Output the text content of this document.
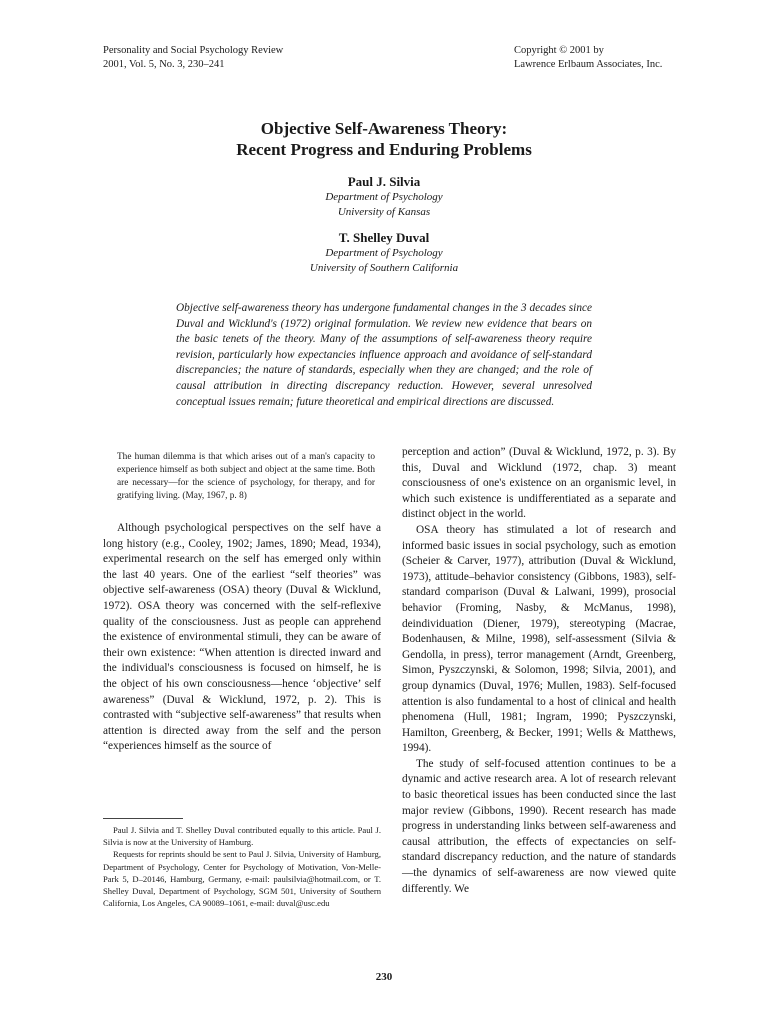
Personality and Social Psychology Review
2001, Vol. 5, No. 3, 230–241
Copyright © 2001 by
Lawrence Erlbaum Associates, Inc.
Objective Self-Awareness Theory:
Recent Progress and Enduring Problems
Paul J. Silvia
Department of Psychology
University of Kansas
T. Shelley Duval
Department of Psychology
University of Southern California
Objective self-awareness theory has undergone fundamental changes in the 3 decades since Duval and Wicklund's (1972) original formulation. We review new evidence that bears on the basic tenets of the theory. Many of the assumptions of self-awareness theory require revision, particularly how expectancies influence approach and avoidance of self-standard discrepancies; the nature of standards, especially when they are changed; and the role of causal attribution in directing discrepancy reduction. However, several unresolved conceptual issues remain; future theoretical and empirical directions are discussed.
The human dilemma is that which arises out of a man's capacity to experience himself as both subject and object at the same time. Both are necessary—for the science of psychology, for therapy, and for gratifying living. (May, 1967, p. 8)

Although psychological perspectives on the self have a long history (e.g., Cooley, 1902; James, 1890; Mead, 1934), experimental research on the self has emerged only within the last 40 years. One of the earliest “self theories” was objective self-awareness (OSA) theory (Duval & Wicklund, 1972). OSA theory was concerned with the self-reflexive quality of the consciousness. Just as people can apprehend the existence of environmental stimuli, they can be aware of their own existence: “When attention is directed inward and the individual's consciousness is focused on himself, he is the object of his own consciousness—hence ‘objective’ self awareness” (Duval & Wicklund, 1972, p. 2). This is contrasted with “subjective self-awareness” that results when attention is directed away from the self and the person “experiences himself as the source of

perception and action” (Duval & Wicklund, 1972, p. 3). By this, Duval and Wicklund (1972, chap. 3) meant consciousness of one's existence on an organismic level, in which such existence is undifferentiated as a separate and distinct object in the world.

OSA theory has stimulated a lot of research and informed basic issues in social psychology, such as emotion (Scheier & Carver, 1977), attribution (Duval & Wicklund, 1973), attitude–behavior consistency (Gibbons, 1983), self-standard comparison (Duval & Lalwani, 1999), prosocial behavior (Froming, Nasby, & McManus, 1998), deindividuation (Diener, 1979), stereotyping (Macrae, Bodenhausen, & Milne, 1998), self-assessment (Silvia & Gendolla, in press), terror management (Arndt, Greenberg, Simon, Pyszczynski, & Solomon, 1998; Silvia, 2001), and group dynamics (Duval, 1976; Mullen, 1983). Self-focused attention is also fundamental to a host of clinical and health phenomena (Hull, 1981; Ingram, 1990; Pyszczynski, Hamilton, Greenberg, & Becker, 1991; Wells & Matthews, 1994).

The study of self-focused attention continues to be a dynamic and active research area. A lot of research relevant to basic theoretical issues has been conducted since the last major review (Gibbons, 1990). Recent research has made progress in understanding links between self-awareness and causal attribution, the effects of expectancies on self-standard discrepancy reduction, and the nature of standards—the dynamics of self-awareness are now viewed quite differently. We

Paul J. Silvia and T. Shelley Duval contributed equally to this article. Paul J. Silvia is now at the University of Hamburg.

Requests for reprints should be sent to Paul J. Silvia, University of Hamburg, Department of Psychology, Center for Psychology of Motivation, Von-Melle-Park 5, D–20146, Hamburg, Germany, e-mail: paulsilvia@hotmail.com, or T. Shelley Duval, Department of Psychology, SGM 501, University of Southern California, Los Angeles, CA 90089–1061, e-mail: duval@usc.edu

230
